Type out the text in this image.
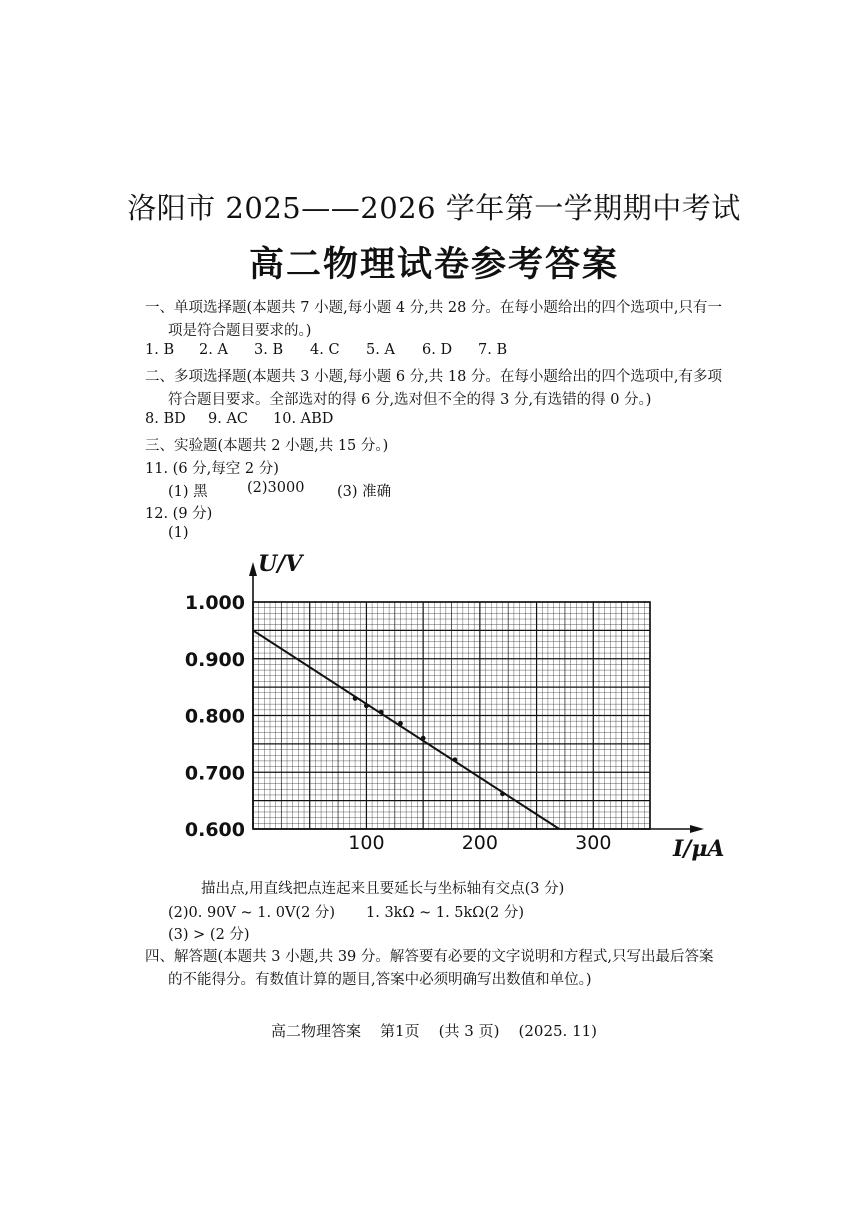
洛阳市 2025——2026 学年第一学期期中考试
高二物理试卷参考答案
一、单项选择题(本题共 7 小题,每小题 4 分,共 28 分。在每小题给出的四个选项中,只有一
项是符合题目要求的。)
1. B 2. A 3. B 4. C 5. A 6. D 7. B
二、多项选择题(本题共 3 小题,每小题 6 分,共 18 分。在每小题给出的四个选项中,有多项
符合题目要求。全部选对的得 6 分,选对但不全的得 3 分,有选错的得 0 分。)
8. BD 9. AC 10. ABD
三、实验题(本题共 2 小题,共 15 分。)
11. (6 分,每空 2 分)
(1) 黑	(2)3000 (3) 准确
12. (9 分)
(1)
1.000
0.900
0.800
0.700
0.600
100	200	300
U/V
I/μA
描出点,用直线把点连起来且要延长与坐标轴有交点(3 分)
(2)0. 90V ~ 1. 0V(2 分) 1. 3kΩ ~ 1. 5kΩ(2 分)
(3) > (2 分)
四、解答题(本题共 3 小题,共 39 分。解答要有必要的文字说明和方程式,只写出最后答案
的不能得分。有数值计算的题目,答案中必须明确写出数值和单位。)
高二物理答案    第1页    (共 3 页)    (2025. 11)
